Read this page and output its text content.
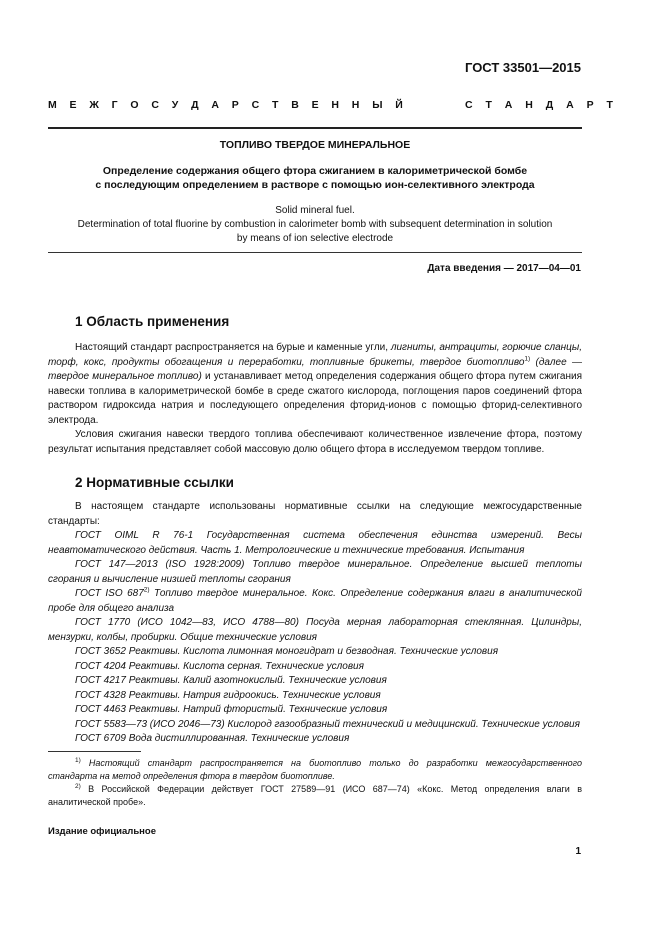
ГОСТ 33501—2015
М Е Ж Г О С У Д А Р С Т В Е Н Н Ы Й	С Т А Н Д А Р Т
ТОПЛИВО ТВЕРДОЕ МИНЕРАЛЬНОЕ
Определение содержания общего фтора сжиганием в калориметрической бомбе
с последующим определением в растворе с помощью ион-селективного электрода
Solid mineral fuel.
Determination of total fluorine by combustion in calorimeter bomb with subsequent determination in solution
by means of ion selective electrode
Дата введения — 2017—04—01
1 Область применения

Настоящий стандарт распространяется на бурые и каменные угли, лигниты, антрациты, горючие сланцы, торф, кокс, продукты обогащения и переработки, топливные брикеты, твердое биотопливо$^{1)}$ (далее — твердое минеральное топливо) и устанавливает метод определения содержания общего фтора путем сжигания навески топлива в калориметрической бомбе в среде сжатого кислорода, поглощения паров соединений фтора раствором гидроксида натрия и последующего определения фторид-ионов с помощью фторид-селективного электрода.

Условия сжигания навески твердого топлива обеспечивают количественное извлечение фтора, поэтому результат испытания представляет собой массовую долю общего фтора в исследуемом твердом топливе.

2 Нормативные ссылки

В настоящем стандарте использованы нормативные ссылки на следующие межгосударственные стандарты:

ГОСТ OIML R 76-1 Государственная система обеспечения единства измерений. Весы неавтоматического действия. Часть 1. Метрологические и технические требования. Испытания

ГОСТ 147—2013 (ISO 1928:2009) Топливо твердое минеральное. Определение высшей теплоты сгорания и вычисление низшей теплоты сгорания

ГОСТ ISO 687$^{2)}$ Топливо твердое минеральное. Кокс. Определение содержания влаги в аналитической пробе для общего анализа

ГОСТ 1770 (ИСО 1042—83, ИСО 4788—80) Посуда мерная лабораторная стеклянная. Цилиндры, мензурки, колбы, пробирки. Общие технические условия

ГОСТ 3652 Реактивы. Кислота лимонная моногидрат и безводная. Технические условия

ГОСТ 4204 Реактивы. Кислота серная. Технические условия

ГОСТ 4217 Реактивы. Калий азотнокислый. Технические условия

ГОСТ 4328 Реактивы. Натрия гидроокись. Технические условия

ГОСТ 4463 Реактивы. Натрий фтористый. Технические условия

ГОСТ 5583—73 (ИСО 2046—73) Кислород газообразный технический и медицинский. Технические условия

ГОСТ 6709 Вода дистиллированная. Технические условия

$^{1)}$ Настоящий стандарт распространяется на биотопливо только до разработки межгосударственного стандарта на метод определения фтора в твердом биотопливе.

$^{2)}$ В Российской Федерации действует ГОСТ 27589—91 (ИСО 687—74) «Кокс. Метод определения влаги в аналитической пробе».

Издание официальное
1
